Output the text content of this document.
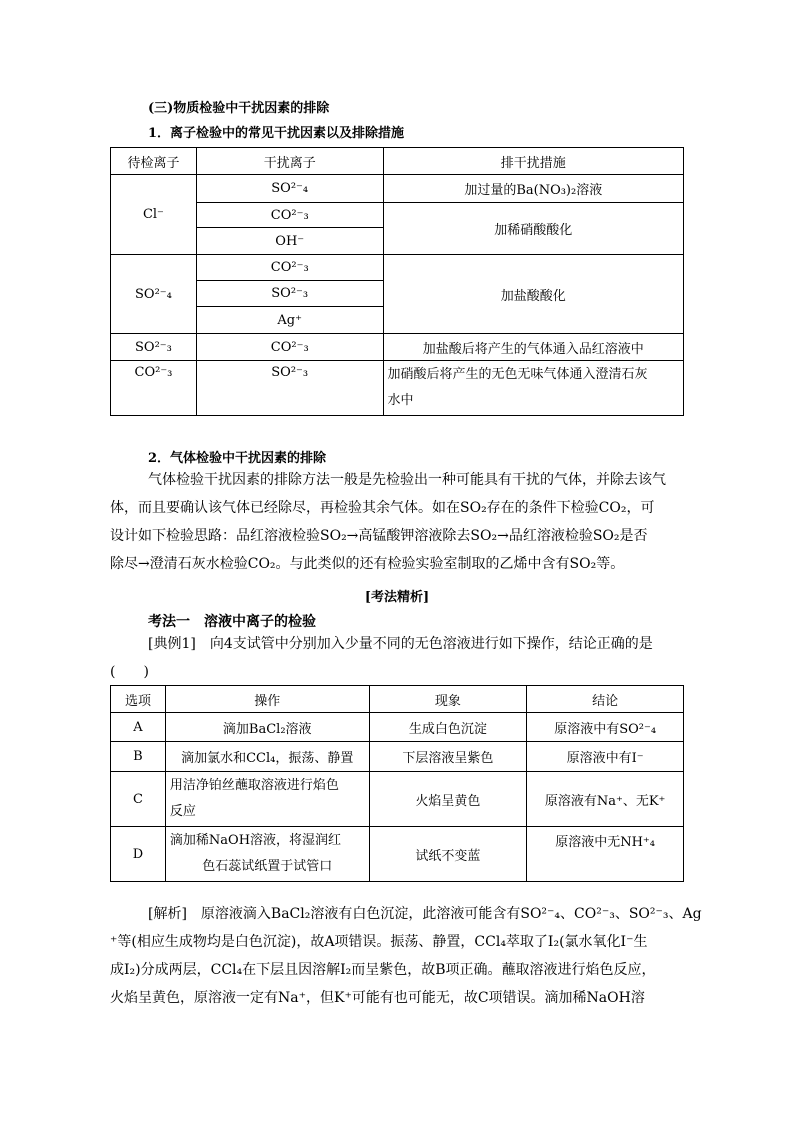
(三)物质检验中干扰因素的排除
1．离子检验中的常见干扰因素以及排除措施
待检离子	干扰离子	排干扰措施
Cl⁻	SO²⁻₄	加过量的Ba(NO₃)₂溶液
	CO²⁻₃	加稀硝酸酸化
	OH⁻	
SO²⁻₄	CO²⁻₃	加盐酸酸化
	SO²⁻₃	
	Ag⁺	
SO²⁻₃	CO²⁻₃	加盐酸后将产生的气体通入品红溶液中
CO²⁻₃	SO²⁻₃	加硝酸后将产生的无色无味气体通入澄清石灰
水中
2．气体检验中干扰因素的排除
气体检验干扰因素的排除方法一般是先检验出一种可能具有干扰的气体，并除去该气
体，而且要确认该气体已经除尽，再检验其余气体。如在SO₂存在的条件下检验CO₂，可
设计如下检验思路：品红溶液检验SO₂→高锰酸钾溶液除去SO₂→品红溶液检验SO₂是否
除尽→澄清石灰水检验CO₂。与此类似的还有检验实验室制取的乙烯中含有SO₂等。
[考法精析]
考法一　溶液中离子的检验
[典例1]　向4支试管中分别加入少量不同的无色溶液进行如下操作，结论正确的是
(　　)
选项	操作	现象	结论
A	滴加BaCl₂溶液	生成白色沉淀	原溶液中有SO²⁻₄
B	滴加氯水和CCl₄，振荡、静置	下层溶液呈紫色	原溶液中有I⁻
C	用洁净铂丝蘸取溶液进行焰色
反应	火焰呈黄色	原溶液有Na⁺、无K⁺
D	滴加稀NaOH溶液，将湿润红
色石蕊试纸置于试管口	试纸不变蓝	原溶液中无NH⁺₄
[解析]　原溶液滴入BaCl₂溶液有白色沉淀，此溶液可能含有SO²⁻₄、CO²⁻₃、SO²⁻₃、Ag
⁺等(相应生成物均是白色沉淀)，故A项错误。振荡、静置，CCl₄萃取了I₂(氯水氧化I⁻生
成I₂)分成两层，CCl₄在下层且因溶解I₂而呈紫色，故B项正确。蘸取溶液进行焰色反应，
火焰呈黄色，原溶液一定有Na⁺，但K⁺可能有也可能无，故C项错误。滴加稀NaOH溶
